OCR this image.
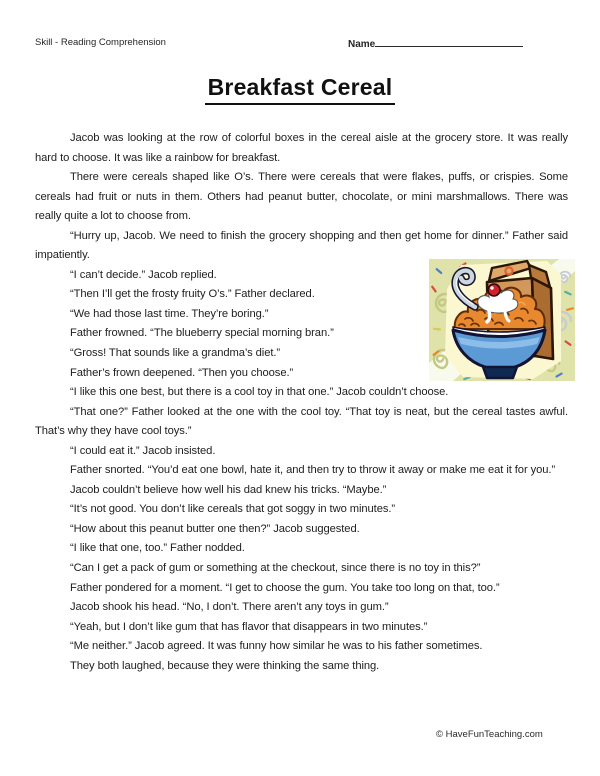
Skill - Reading Comprehension	Name
Breakfast Cereal

Jacob was looking at the row of colorful boxes in the cereal aisle at the grocery store. It was really hard to choose. It was like a rainbow for breakfast.

There were cereals shaped like O’s. There were cereals that were flakes, puffs, or crispies. Some cereals had fruit or nuts in them. Others had peanut butter, chocolate, or mini marshmallows. There was really quite a lot to choose from.

“Hurry up, Jacob. We need to finish the grocery shopping and then get home for dinner.” Father said impatiently.

“I can’t decide.” Jacob replied.

“Then I’ll get the frosty fruity O’s.” Father declared.

“We had those last time. They’re boring.”

Father frowned. “The blueberry special morning bran.”

“Gross! That sounds like a grandma’s diet.”

Father’s frown deepened. “Then you choose.”

“I like this one best, but there is a cool toy in that one.” Jacob couldn’t choose.

“That one?” Father looked at the one with the cool toy. “That toy is neat, but the cereal tastes awful. That’s why they have cool toys.”

“I could eat it.” Jacob insisted.

Father snorted. “You’d eat one bowl, hate it, and then try to throw it away or make me eat it for you.”

Jacob couldn’t believe how well his dad knew his tricks. “Maybe.”

“It’s not good. You don’t like cereals that got soggy in two minutes.”

“How about this peanut butter one then?” Jacob suggested.

“I like that one, too.” Father nodded.

“Can I get a pack of gum or something at the checkout, since there is no toy in this?”

Father pondered for a moment. “I get to choose the gum. You take too long on that, too.”

Jacob shook his head. “No, I don’t. There aren’t any toys in gum.”

“Yeah, but I don’t like gum that has flavor that disappears in two minutes.”

“Me neither.” Jacob agreed. It was funny how similar he was to his father sometimes.

They both laughed, because they were thinking the same thing.

© HaveFunTeaching.com
